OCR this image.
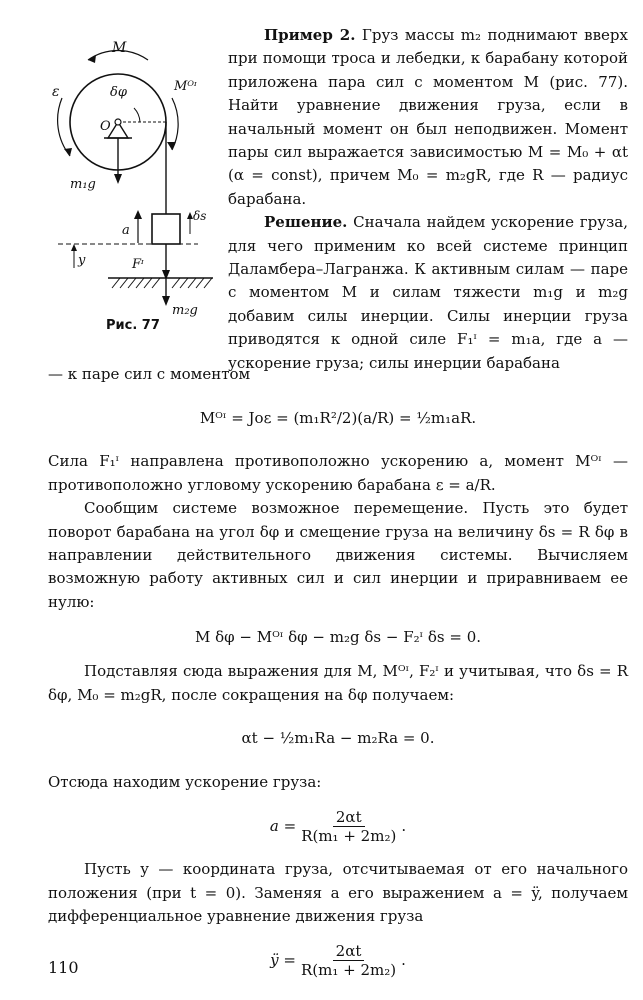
M
ε	δφ	Mᴼᶦ
O
m₁g
a
δs
y	Fᶦ
m₂g
Рис. 77

Пример 2. Груз массы m₂ поднимают вверх при помощи троса и лебедки, к барабану которой приложена пара сил с моментом M (рис. 77). Найти уравнение движения груза, если в начальный момент он был неподвижен. Момент пары сил выражается зависимостью M = M₀ + αt (α = const), причем M₀ = m₂gR, где R — радиус барабана.

Решение. Сначала найдем ускорение груза, для чего применим ко всей системе принцип Даламбера–Лагранжа. К активным силам — паре с моментом M и силам тяжести m₁g и m₂g добавим силы инерции. Силы инерции груза приводятся к одной силе F₁ᶦ = m₁a, где a — ускорение груза; силы инерции барабана

— к паре сил с моментом

Mᴼᶦ = Jᴏε = (m₁R²/2)(a/R) = ½m₁aR.

Сила F₁ᶦ направлена противоположно ускорению a, момент Mᴼᶦ — противоположно угловому ускорению барабана ε = a/R.

Сообщим системе возможное перемещение. Пусть это будет поворот барабана на угол δφ и смещение груза на величину δs = R δφ в направлении действительного движения системы. Вычисляем возможную работу активных сил и сил инерции и приравниваем ее нулю:

M δφ − Mᴼᶦ δφ − m₂g δs − F₂ᶦ δs = 0.

Подставляя сюда выражения для M, Mᴼᶦ, F₂ᶦ и учитывая, что δs = R δφ, M₀ = m₂gR, после сокращения на δφ получаем:

αt − ½m₁Ra − m₂Ra = 0.

Отсюда находим ускорение груза:

$a = \frac{2\alpha t}{\text{R(m₁ + 2m₂)}}$ .

Пусть y — координата груза, отсчитываемая от его начального положения (при t = 0). Заменяя a его выражением a = ÿ, получаем дифференциальное уравнение движения груза

ÿ = $\frac{2\alpha t}{\text{R(m₁ + 2m₂)}}$ .
110
